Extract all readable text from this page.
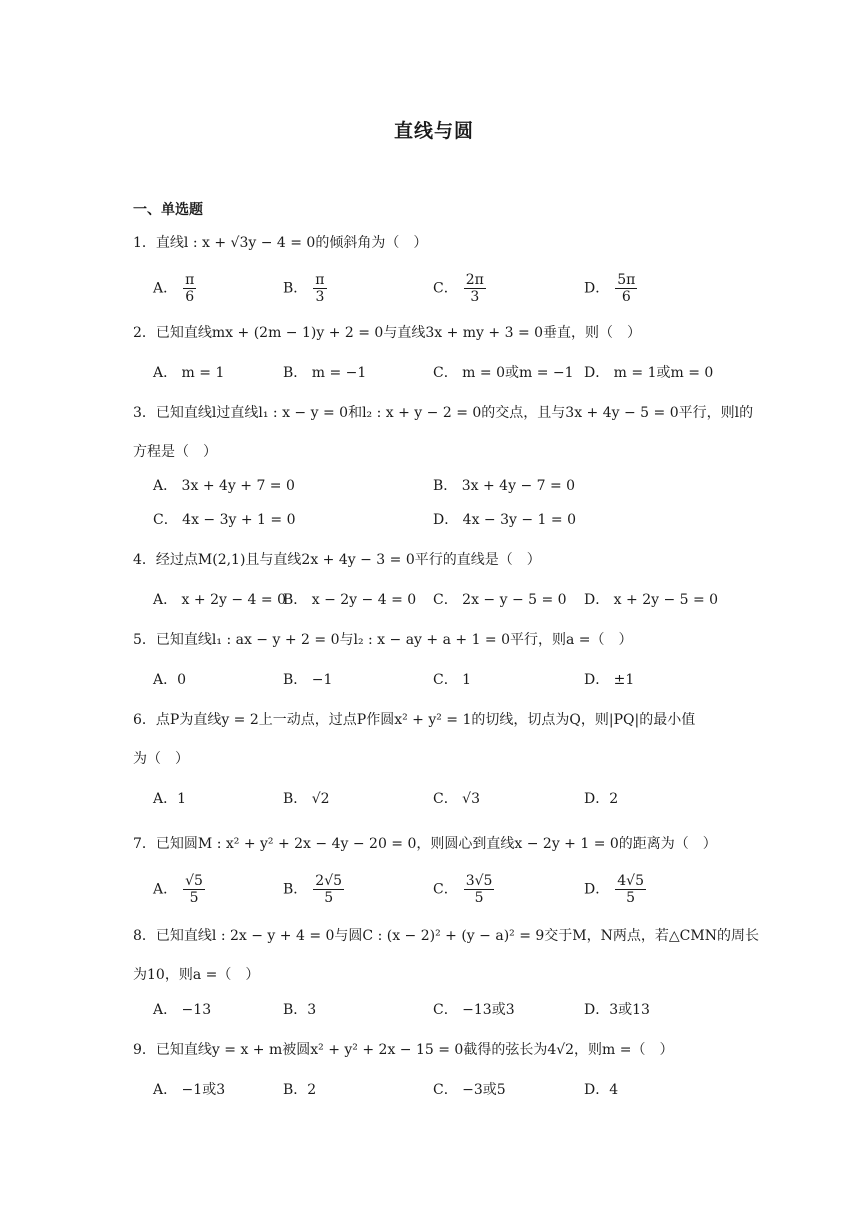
直线与圆
一、单选题
1．直线l : x + √3y − 4 = 0的倾斜角为（　）
A． $\frac{\pi}{6}$	B． $\frac{\pi}{3}$	C． $\frac{2\pi}{3}$	D． $\frac{5\pi}{6}$
2．已知直线mx + (2m − 1)y + 2 = 0与直线3x + my + 3 = 0垂直，则（　）
A． m = 1	B． m = −1	C． m = 0或m = −1 D． m = 1或m = 0
3．已知直线l过直线l₁ : x − y = 0和l₂ : x + y − 2 = 0的交点，且与3x + 4y − 5 = 0平行，则l的
方程是（　）
A． 3x + 4y + 7 = 0	B． 3x + 4y − 7 = 0
C． 4x − 3y + 1 = 0	D． 4x − 3y − 1 = 0
4．经过点M(2,1)且与直线2x + 4y − 3 = 0平行的直线是（　）
A． x + 2y − 4 = 0
B． x − 2y − 4 = 0 C． 2x − y − 5 = 0 D． x + 2y − 5 = 0
5．已知直线l₁ : ax − y + 2 = 0与l₂ : x − ay + a + 1 = 0平行，则a =（　）
A．0	B． −1	C． 1	D． ±1
6．点P为直线y = 2上一动点，过点P作圆x² + y² = 1的切线，切点为Q，则|PQ|的最小值
为（　）
A．1	B． √2	C． √3	D．2
7．已知圆M : x² + y² + 2x − 4y − 20 = 0，则圆心到直线x − 2y + 1 = 0的距离为（　）
A． $\frac{√5}{5}$	B． $\frac{2√5}{5}$	C． $\frac{3√5}{5}$	D． $\frac{4√5}{5}$
8．已知直线l : 2x − y + 4 = 0与圆C : (x − 2)² + (y − a)² = 9交于M，N两点，若△CMN的周长
为10，则a =（　）
A． −13	B．3	C． −13或3	D．3或13
9．已知直线y = x + m被圆x² + y² + 2x − 15 = 0截得的弦长为4√2，则m =（　）
A． −1或3	B．2	C． −3或5	D．4
